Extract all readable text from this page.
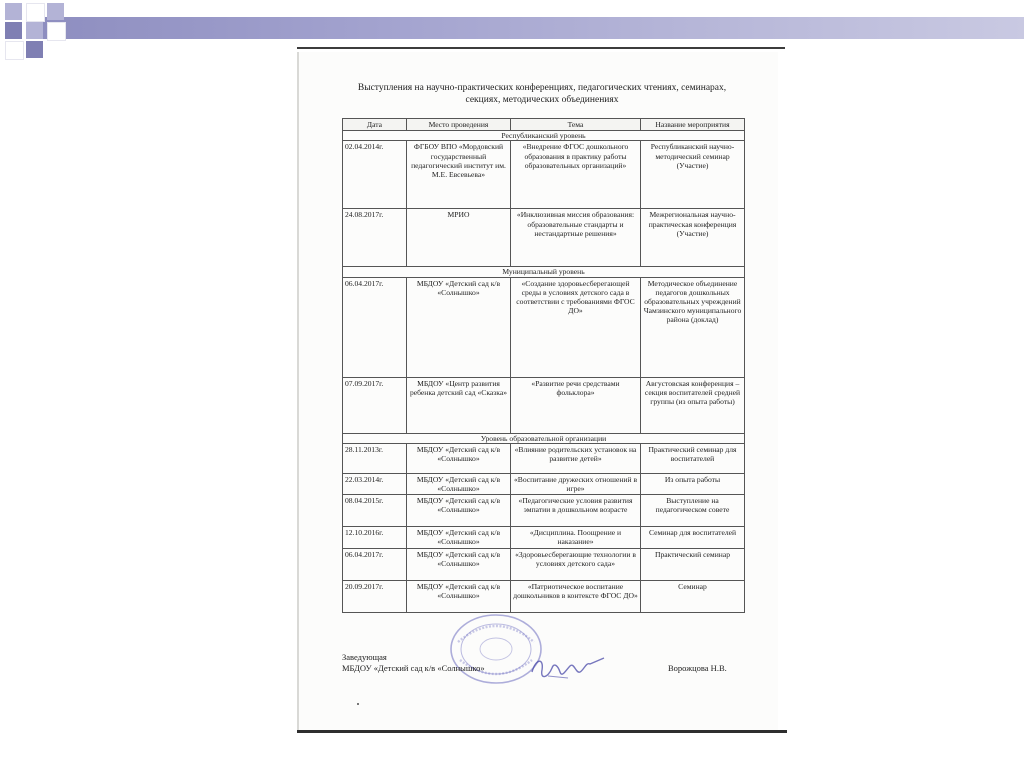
Выступления на научно-практических конференциях, педагогических чтениях, семинарах,
секциях, методических объединениях
Дата	Место проведения	Тема	Название мероприятия
Республиканский уровень			
02.04.2014г.	ФГБОУ ВПО «Мордовский государственный педагогический институт им. М.Е. Евсевьева»	«Внедрение ФГОС дошкольного образования в практику работы образовательных организаций»	Республиканский научно-методический семинар (Участие)
24.08.2017г.	МРИО	«Инклюзивная миссия образования: образовательные стандарты и нестандартные решения»	Межрегиональная научно-практическая конференция (Участие)
Муниципальный уровень			
06.04.2017г.	МБДОУ «Детский сад к/в «Солнышко»	«Создание здоровьесберегающей среды в условиях детского сада в соответствии с требованиями ФГОС ДО»	Методическое объединение педагогов дошкольных образовательных учреждений Чамзинского муниципального района (доклад)
07.09.2017г.	МБДОУ «Центр развития ребенка детский сад «Сказка»	«Развитие речи средствами фольклора»	Августовская конференция – секция воспитателей средней группы (из опыта работы)
Уровень образовательной организации			
28.11.2013г.	МБДОУ «Детский сад к/в «Солнышко»	«Влияние родительских установок на развитие детей»	Практический семинар для воспитателей
22.03.2014г.	МБДОУ «Детский сад к/в «Солнышко»	«Воспитание дружеских отношений в игре»	Из опыта работы
08.04.2015г.	МБДОУ «Детский сад к/в «Солнышко»	«Педагогические условия развития эмпатии в дошкольном возрасте	Выступление на педагогическом совете
12.10.2016г.	МБДОУ «Детский сад к/в «Солнышко»	«Дисциплина. Поощрение и наказание»	Семинар для воспитателей
06.04.2017г.	МБДОУ «Детский сад к/в «Солнышко»	«Здоровьесберегающие технологии в условиях детского сада»	Практический семинар
20.09.2017г.	МБДОУ «Детский сад к/в «Солнышко»	«Патриотическое воспитание дошкольников в контексте ФГОС ДО»	Семинар
Заведующая
МБДОУ «Детский сад к/в «Солнышко»	Ворожцова Н.В.
